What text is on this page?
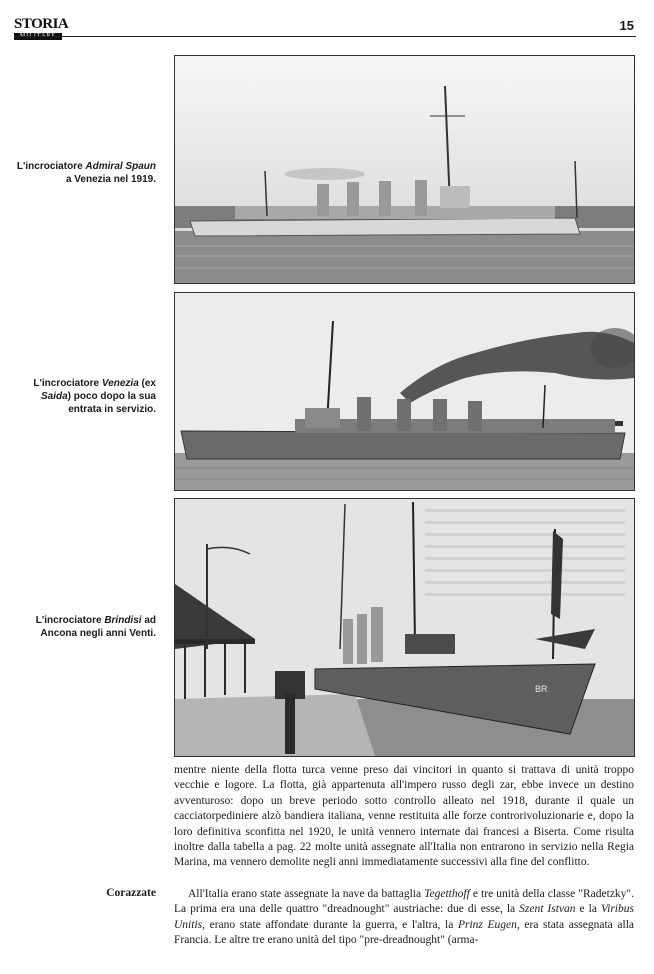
STORIA	15
BR
L'incrociatore Admiral Spaun a Venezia nel 1919.
L'incrociatore Venezia (ex Saida) poco dopo la sua entrata in servizio.
L'incrociatore Brindisi ad Ancona negli anni Venti.
mentre niente della flotta turca venne preso dai vincitori in quanto si trattava di unità troppo vecchie e logore. La flotta, già appartenuta all'impero russo degli zar, ebbe invece un destino avventuroso: dopo un breve periodo sotto controllo alleato nel 1918, durante il quale un cacciatorpediniere alzò bandiera italiana, venne restituita alle forze controrivoluzionarie e, dopo la loro definitiva sconfitta nel 1920, le unità vennero internate dai francesi a Biserta. Come risulta inoltre dalla tabella a pag. 22 molte unità assegnate all'Italia non entrarono in servizio nella Regia Marina, ma vennero demolite negli anni immediatamente successivi alla fine del conflitto.
Corazzate	All'Italia erano state assegnate la nave da battaglia Tegetthoff e tre unità della classe "Radetzky". La prima era una delle quattro "dreadnought" austriache: due di esse, la Szent Istvan e la Viribus Unitis, erano state affondate durante la guerra, e l'altra, la Prinz Eugen, era stata assegnata alla Francia. Le altre tre erano unità del tipo "pre-dreadnought" (arma-
